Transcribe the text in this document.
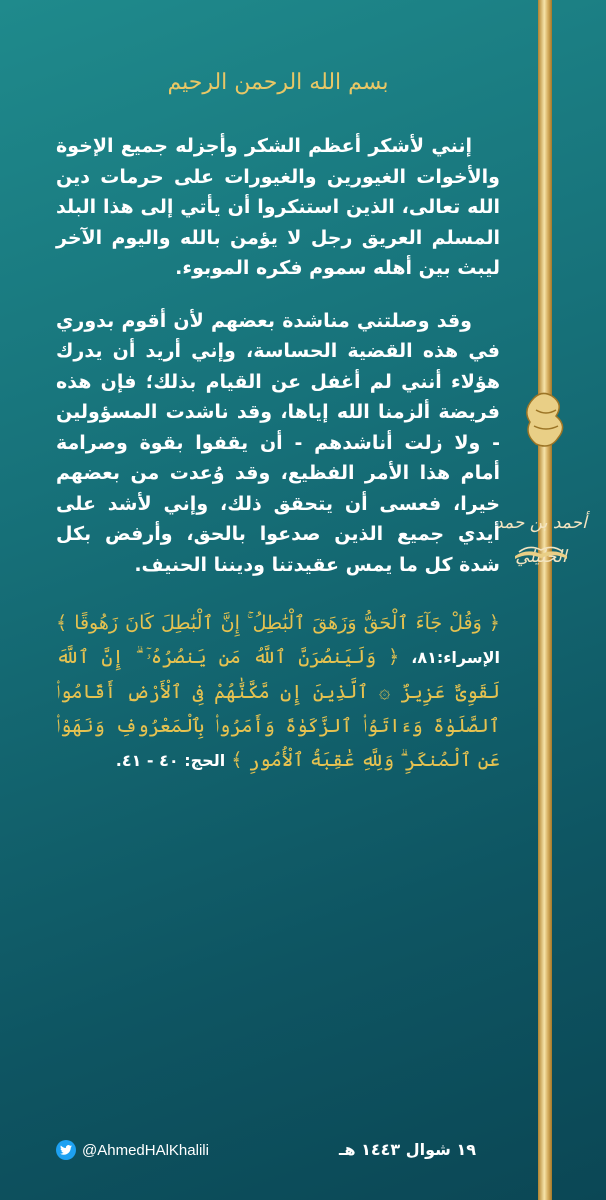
أحمد بن حمد
بسم الله الرحمن الرحيم

إنني لأشكر أعظم الشكر وأجزله جميع الإخوة والأخوات الغيورين والغيورات على حرمات دين الله تعالى، الذين استنكروا أن يأتي إلى هذا البلد المسلم العريق رجل لا يؤمن بالله واليوم الآخر ليبث بين أهله سموم فكره الموبوء.

وقد وصلتني مناشدة بعضهم لأن أقوم بدوري في هذه القضية الحساسة، وإني أريد أن يدرك هؤلاء أنني لم أغفل عن القيام بذلك؛ فإن هذه فريضة ألزمنا الله إياها، وقد ناشدت المسؤولين - ولا زلت أناشدهم - أن يقفوا بقوة وصرامة أمام هذا الأمر الفظيع، وقد وُعدت من بعضهم خيرا، فعسى أن يتحقق ذلك، وإني لأشد على أيدي جميع الذين صدعوا بالحق، وأرفض بكل شدة كل ما يمس عقيدتنا وديننا الحنيف.

﴿ وَقُلْ جَآءَ ٱلْحَقُّ وَزَهَقَ ٱلْبَٰطِلُ ۚ إِنَّ ٱلْبَٰطِلَ كَانَ زَهُوقًا ﴾ الإسراء:٨١، ﴿ وَلَيَنصُرَنَّ ٱللَّهُ مَن يَنصُرُهُۥٓ ۗ إِنَّ ٱللَّهَ لَقَوِىٌّ عَزِيزٌ ۞ ٱلَّذِينَ إِن مَّكَّنَّٰهُمْ فِى ٱلْأَرْضِ أَقَامُوا۟ ٱلصَّلَوٰةَ وَءَاتَوُا۟ ٱلزَّكَوٰةَ وَأَمَرُوا۟ بِٱلْمَعْرُوفِ وَنَهَوْا۟ عَنِ ٱلْمُنكَرِ ۗ وَلِلَّهِ عَٰقِبَةُ ٱلْأُمُورِ ﴾ الحج: ٤٠ - ٤١.

١٩ شوال ١٤٤٣ هـ
@AhmedHAlKhalili
